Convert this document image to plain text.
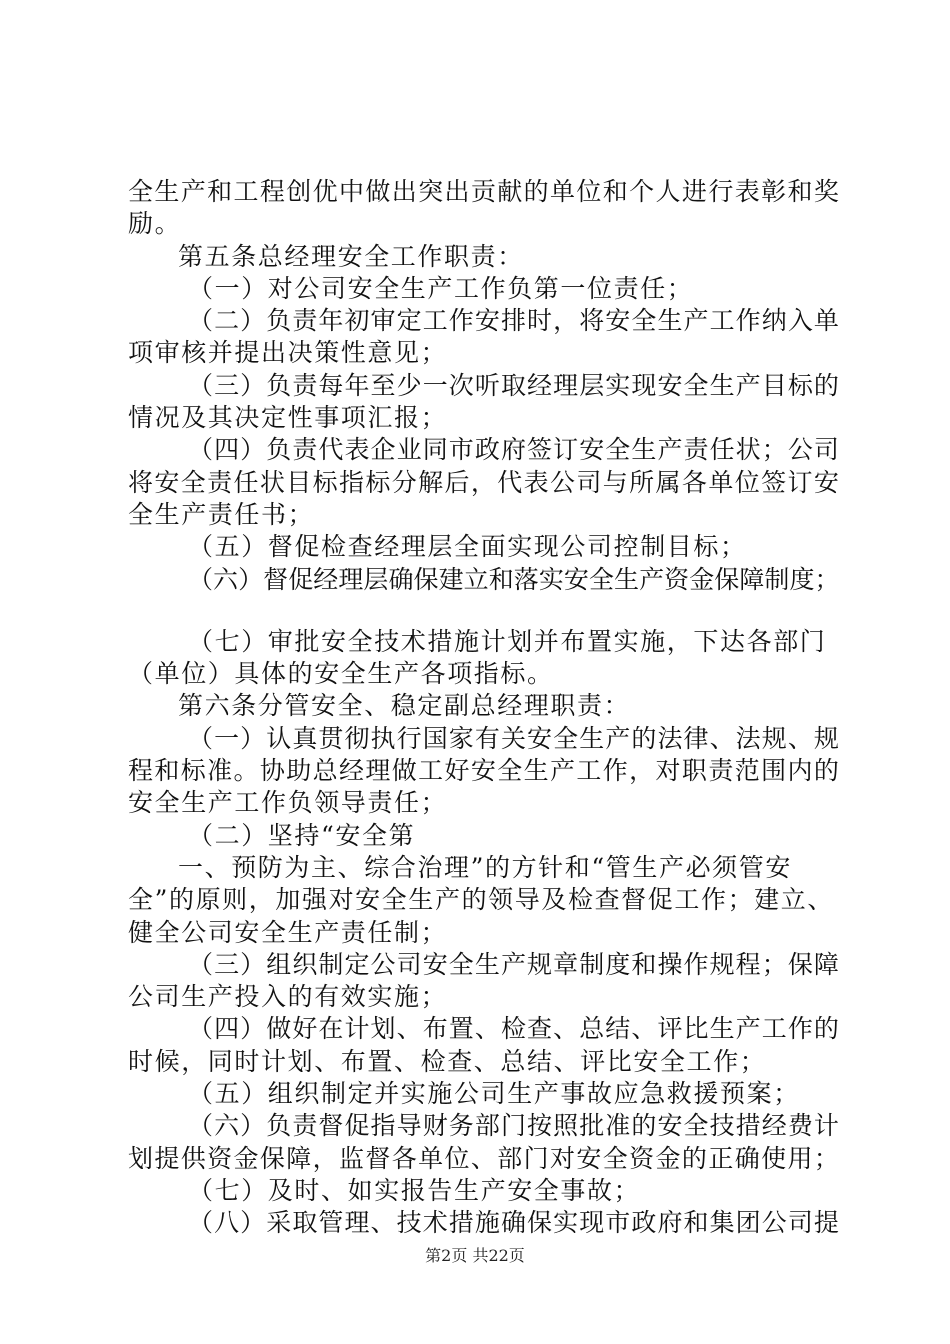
全生产和工程创优中做出突出贡献的单位和个人进行表彰和奖
励。
第五条总经理安全工作职责：
（一）对公司安全生产工作负第一位责任；
（二）负责年初审定工作安排时，将安全生产工作纳入单
项审核并提出决策性意见；
（三）负责每年至少一次听取经理层实现安全生产目标的
情况及其决定性事项汇报；
（四）负责代表企业同市政府签订安全生产责任状；公司
将安全责任状目标指标分解后，代表公司与所属各单位签订安
全生产责任书；
（五）督促检查经理层全面实现公司控制目标；
（六）督促经理层确保建立和落实安全生产资金保障制度；
（七）审批安全技术措施计划并布置实施，下达各部门
（单位）具体的安全生产各项指标。
第六条分管安全、稳定副总经理职责：
（一）认真贯彻执行国家有关安全生产的法律、法规、规
程和标准。协助总经理做工好安全生产工作，对职责范围内的
安全生产工作负领导责任；
（二）坚持“安全第
一、预防为主、综合治理”的方针和“管生产必须管安
全”的原则，加强对安全生产的领导及检查督促工作；建立、
健全公司安全生产责任制；
（三）组织制定公司安全生产规章制度和操作规程；保障
公司生产投入的有效实施；
（四）做好在计划、布置、检查、总结、评比生产工作的
时候，同时计划、布置、检查、总结、评比安全工作；
（五）组织制定并实施公司生产事故应急救援预案；
（六）负责督促指导财务部门按照批准的安全技措经费计
划提供资金保障，监督各单位、部门对安全资金的正确使用；
（七）及时、如实报告生产安全事故；
（八）采取管理、技术措施确保实现市政府和集团公司提
第2页 共22页
